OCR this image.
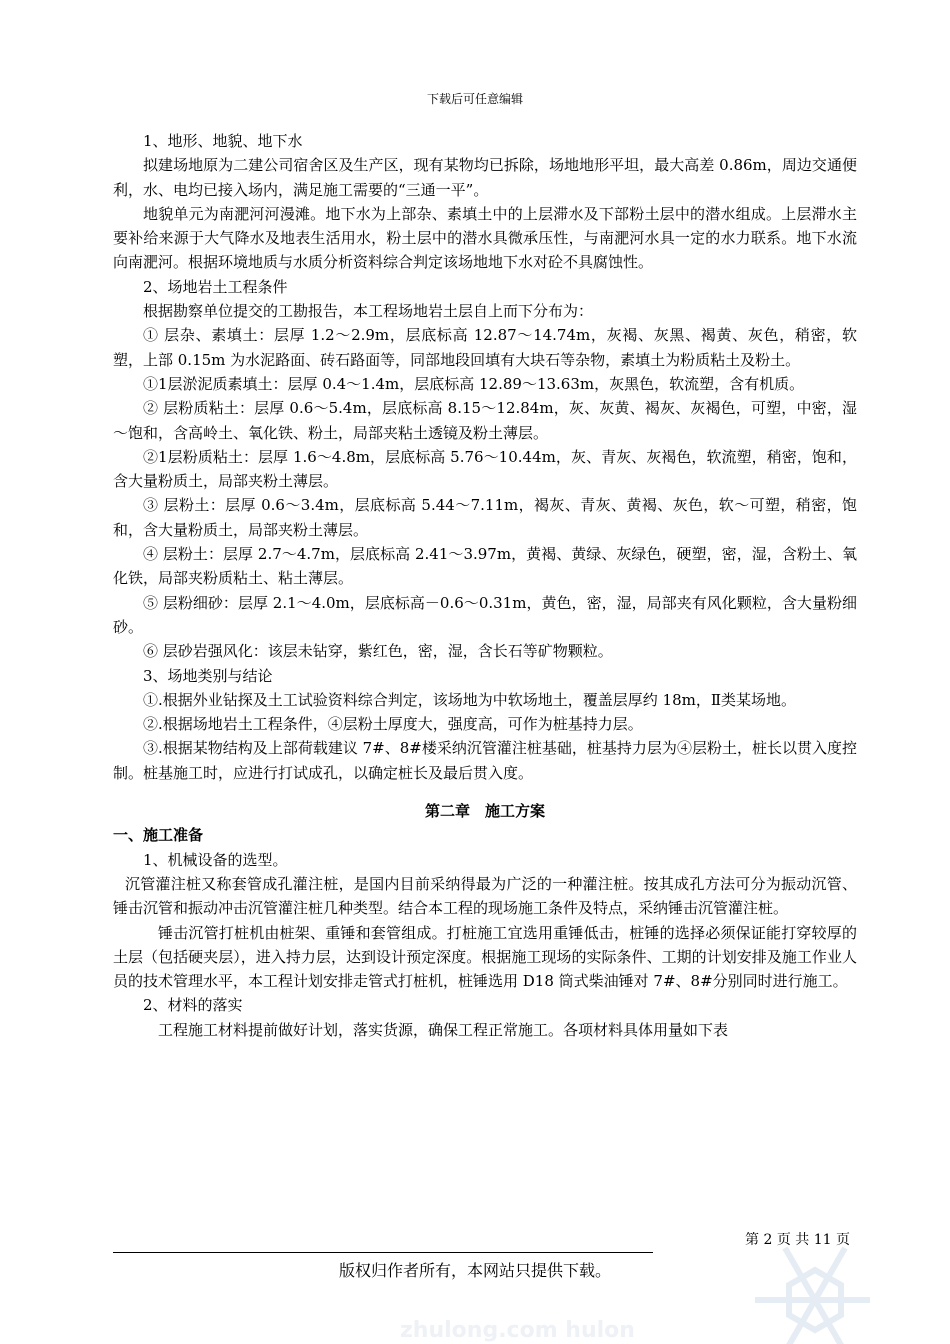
下载后可任意编辑

1、地形、地貌、地下水

拟建场地原为二建公司宿舍区及生产区，现有某物均已拆除，场地地形平坦，最大高差 0.86m，周边交通便利，水、电均已接入场内，满足施工需要的“三通一平”。

地貌单元为南淝河河漫滩。地下水为上部杂、素填土中的上层滞水及下部粉土层中的潜水组成。上层滞水主要补给来源于大气降水及地表生活用水，粉土层中的潜水具微承压性，与南淝河水具一定的水力联系。地下水流向南淝河。根据环境地质与水质分析资料综合判定该场地地下水对砼不具腐蚀性。

2、场地岩土工程条件

根据勘察单位提交的工勘报告，本工程场地岩土层自上而下分布为：

① 层杂、素填土：层厚 1.2～2.9m，层底标高 12.87～14.74m，灰褐、灰黑、褐黄、灰色，稍密，软塑，上部 0.15m 为水泥路面、砖石路面等，同部地段回填有大块石等杂物，素填土为粉质粘土及粉土。

①1层淤泥质素填土：层厚 0.4～1.4m，层底标高 12.89～13.63m，灰黑色，软流塑，含有机质。

② 层粉质粘土：层厚 0.6～5.4m，层底标高 8.15～12.84m，灰、灰黄、褐灰、灰褐色，可塑，中密，湿～饱和，含高岭土、氧化铁、粉土，局部夹粘土透镜及粉土薄层。

②1层粉质粘土：层厚 1.6～4.8m，层底标高 5.76～10.44m，灰、青灰、灰褐色，软流塑，稍密，饱和，含大量粉质土，局部夹粉土薄层。

③ 层粉土：层厚 0.6～3.4m，层底标高 5.44～7.11m，褐灰、青灰、黄褐、灰色，软～可塑，稍密，饱和，含大量粉质土，局部夹粉土薄层。

④ 层粉土：层厚 2.7～4.7m，层底标高 2.41～3.97m，黄褐、黄绿、灰绿色，硬塑，密，湿，含粉土、氧化铁，局部夹粉质粘土、粘土薄层。

⑤ 层粉细砂：层厚 2.1～4.0m，层底标高－0.6～0.31m，黄色，密，湿，局部夹有风化颗粒，含大量粉细砂。

⑥ 层砂岩强风化：该层未钻穿，紫红色，密，湿，含长石等矿物颗粒。

3、场地类别与结论

①.根据外业钻探及土工试验资料综合判定，该场地为中软场地土，覆盖层厚约 18m，Ⅱ类某场地。

②.根据场地岩土工程条件，④层粉土厚度大，强度高，可作为桩基持力层。

③.根据某物结构及上部荷载建议 7#、8#楼采纳沉管灌注桩基础，桩基持力层为④层粉土，桩长以贯入度控制。桩基施工时，应进行打试成孔，以确定桩长及最后贯入度。

第二章　施工方案

一、施工准备

1、机械设备的选型。

沉管灌注桩又称套管成孔灌注桩，是国内目前采纳得最为广泛的一种灌注桩。按其成孔方法可分为振动沉管、锤击沉管和振动冲击沉管灌注桩几种类型。结合本工程的现场施工条件及特点，采纳锤击沉管灌注桩。

锤击沉管打桩机由桩架、重锤和套管组成。打桩施工宜选用重锤低击，桩锤的选择必须保证能打穿较厚的土层（包括硬夹层），进入持力层，达到设计预定深度。根据施工现场的实际条件、工期的计划安排及施工作业人员的技术管理水平，本工程计划安排走管式打桩机，桩锤选用 D18 筒式柴油锤对 7#、8#分别同时进行施工。

2、材料的落实

工程施工材料提前做好计划，落实货源，确保工程正常施工。各项材料具体用量如下表

第 2 页 共 11 页
版权归作者所有，本网站只提供下载。
zhulong.com hulon
